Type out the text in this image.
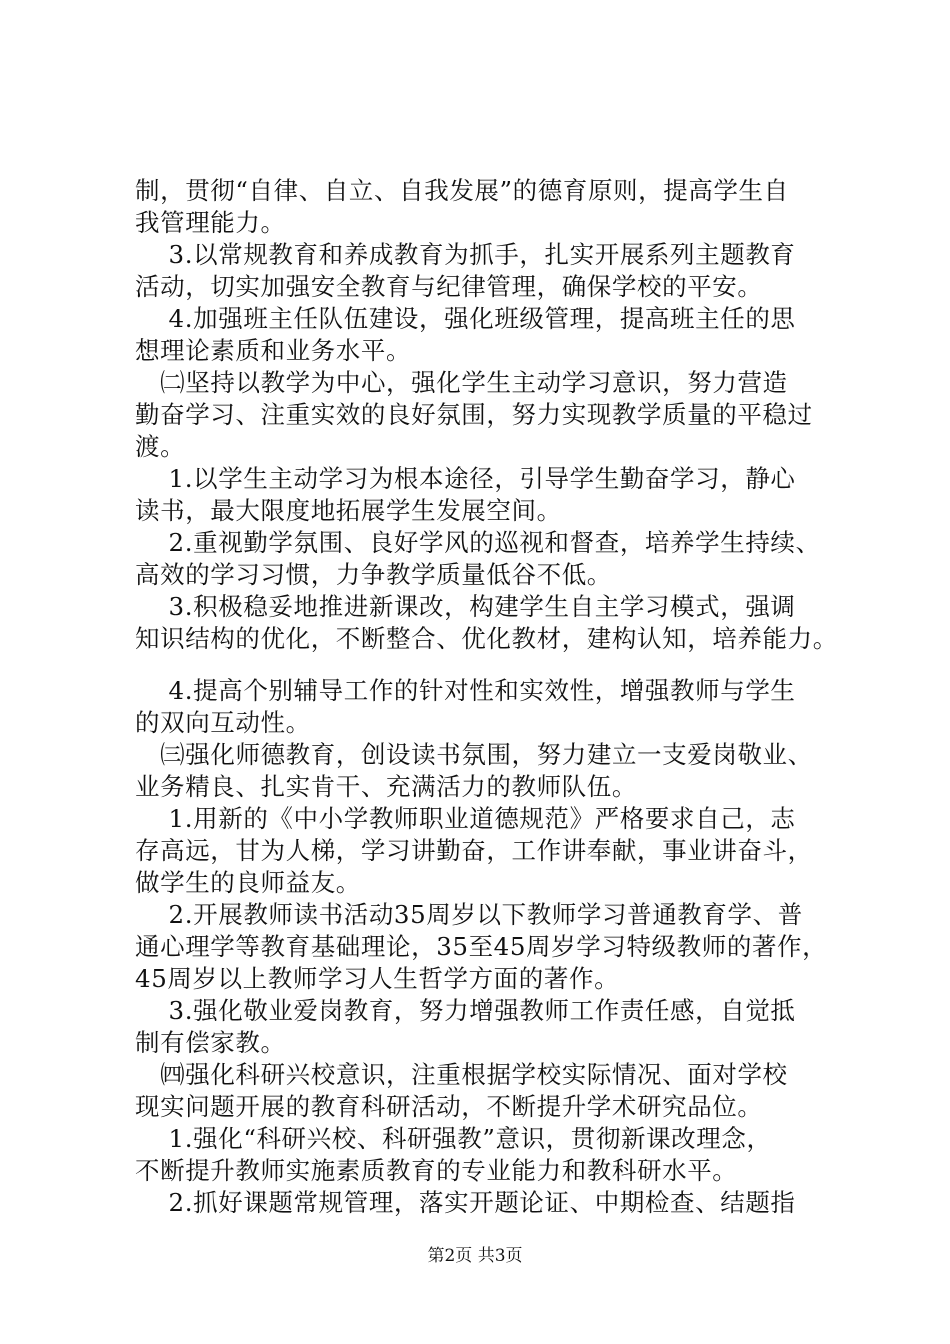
制，贯彻“自律、自立、自我发展”的德育原则，提高学生自
我管理能力。
3.以常规教育和养成教育为抓手，扎实开展系列主题教育
活动，切实加强安全教育与纪律管理，确保学校的平安。
4.加强班主任队伍建设，强化班级管理，提高班主任的思
想理论素质和业务水平。
㈡坚持以教学为中心，强化学生主动学习意识，努力营造
勤奋学习、注重实效的良好氛围，努力实现教学质量的平稳过
渡。
1.以学生主动学习为根本途径，引导学生勤奋学习，静心
读书，最大限度地拓展学生发展空间。
2.重视勤学氛围、良好学风的巡视和督查，培养学生持续、
高效的学习习惯，力争教学质量低谷不低。
3.积极稳妥地推进新课改，构建学生自主学习模式，强调
知识结构的优化，不断整合、优化教材，建构认知，培养能力。
4.提高个别辅导工作的针对性和实效性，增强教师与学生
的双向互动性。
㈢强化师德教育，创设读书氛围，努力建立一支爱岗敬业、
业务精良、扎实肯干、充满活力的教师队伍。
1.用新的《中小学教师职业道德规范》严格要求自己，志
存高远，甘为人梯，学习讲勤奋，工作讲奉献，事业讲奋斗，
做学生的良师益友。
2.开展教师读书活动35周岁以下教师学习普通教育学、普
通心理学等教育基础理论，35至45周岁学习特级教师的著作，
45周岁以上教师学习人生哲学方面的著作。
3.强化敬业爱岗教育，努力增强教师工作责任感，自觉抵
制有偿家教。
㈣强化科研兴校意识，注重根据学校实际情况、面对学校
现实问题开展的教育科研活动，不断提升学术研究品位。
1.强化“科研兴校、科研强教”意识，贯彻新课改理念，
不断提升教师实施素质教育的专业能力和教科研水平。
2.抓好课题常规管理，落实开题论证、中期检查、结题指
第2页 共3页
